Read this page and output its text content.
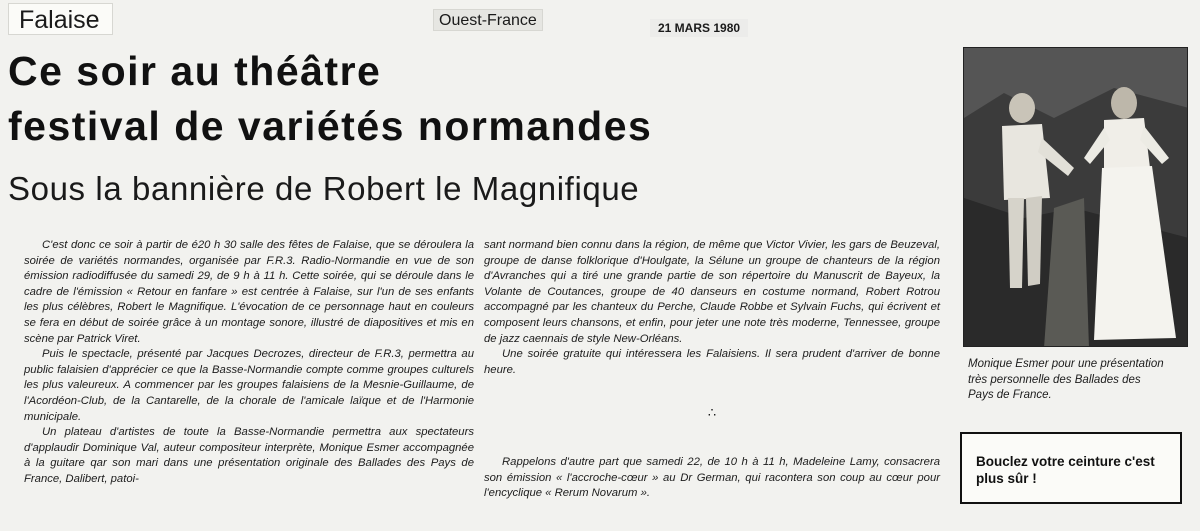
Falaise	Ouest-France	21 MARS 1980
Ce soir au théâtre
festival de variétés normandes
Sous la bannière de Robert le Magnifique

C'est donc ce soir à partir de é20 h 30 salle des fêtes de Falaise, que se déroulera la soirée de variétés normandes, organisée par F.R.3. Radio-Normandie en vue de son émission radiodiffusée du samedi 29, de 9 h à 11 h. Cette soirée, qui se déroule dans le cadre de l'émission « Retour en fanfare » est centrée à Falaise, sur l'un de ses enfants les plus célèbres, Robert le Magnifique. L'évocation de ce personnage haut en couleurs se fera en début de soirée grâce à un montage sonore, illustré de diapositives et mis en scène par Patrick Viret.

Puis le spectacle, présenté par Jacques Decrozes, directeur de F.R.3, permettra au public falaisien d'apprécier ce que la Basse-Normandie compte comme groupes culturels les plus valeureux. A commencer par les groupes falaisiens de la Mesnie-Guillaume, de l'Acordéon-Club, de la Cantarelle, de la chorale de l'amicale laïque et de l'Harmonie municipale.

Un plateau d'artistes de toute la Basse-Normandie permettra aux spectateurs d'applaudir Dominique Val, auteur compositeur interprète, Monique Esmer accompagnée à la guitare qar son mari dans une présentation originale des Ballades des Pays de France, Dalibert, patoi-

sant normand bien connu dans la région, de même que Victor Vivier, les gars de Beuzeval, groupe de danse folklorique d'Houlgate, la Sélune un groupe de chanteurs de la région d'Avranches qui a tiré une grande partie de son répertoire du Manuscrit de Bayeux, la Volante de Coutances, groupe de 40 danseurs en costume normand, Robert Rotrou accompagné par les chanteux du Perche, Claude Robbe et Sylvain Fuchs, qui écrivent et composent leurs chansons, et enfin, pour jeter une note très moderne, Tennessee, groupe de jazz caennais de style New-Orléans.

Une soirée gratuite qui intéressera les Falaisiens. Il sera prudent d'arriver de bonne heure.

∴

Rappelons d'autre part que samedi 22, de 10 h à 11 h, Madeleine Lamy, consacrera son émission « l'accroche-cœur » au Dr German, qui racontera son coup au cœur pour l'encyclique « Rerum Novarum ».

Monique Esmer pour une présentation très personnelle des Ballades des Pays de France.
Bouclez votre ceinture c'est plus sûr !
